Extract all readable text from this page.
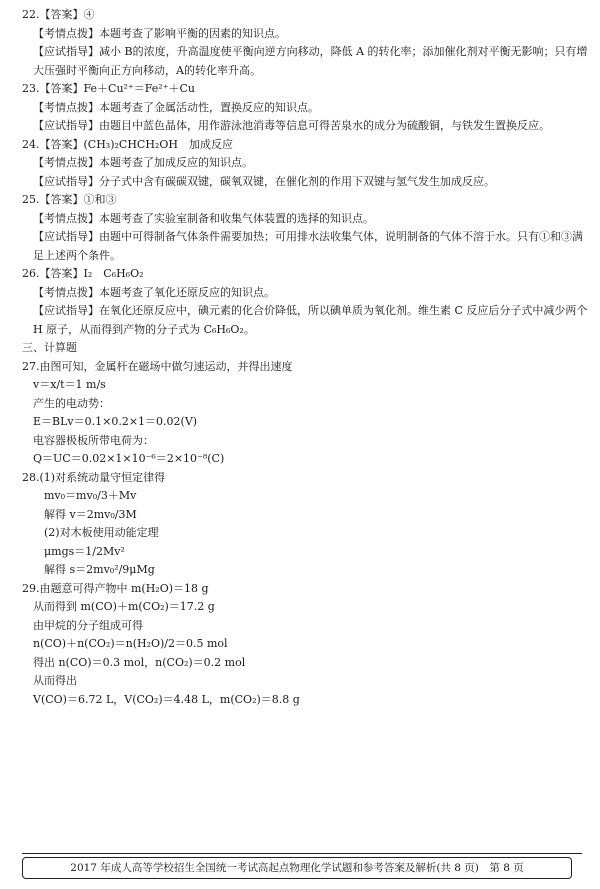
22.【答案】④
【考情点拨】本题考查了影响平衡的因素的知识点。
【应试指导】减小 B的浓度，升高温度使平衡向逆方向移动，降低 A 的转化率；添加催化剂对平衡无影响；只有增大压强时平衡向正方向移动，A的转化率升高。
23.【答案】Fe＋Cu²⁺＝Fe²⁺＋Cu
【考情点拨】本题考查了金属活动性，置换反应的知识点。
【应试指导】由题目中蓝色晶体，用作游泳池消毒等信息可得苦泉水的成分为硫酸铜，与铁发生置换反应。
24.【答案】(CH₃)₂CHCH₂OH　加成反应
【考情点拨】本题考查了加成反应的知识点。
【应试指导】分子式中含有碳碳双键，碳氧双键，在催化剂的作用下双键与氢气发生加成反应。
25.【答案】①和③
【考情点拨】本题考查了实验室制备和收集气体装置的选择的知识点。
【应试指导】由题中可得制备气体条件需要加热；可用排水法收集气体，说明制备的气体不溶于水。只有①和③满足上述两个条件。
26.【答案】I₂　C₆H₆O₂
【考情点拨】本题考查了氧化还原反应的知识点。
【应试指导】在氧化还原反应中，碘元素的化合价降低，所以碘单质为氧化剂。维生素 C 反应后分子式中减少两个 H 原子，从而得到产物的分子式为 C₆H₆O₂。
三、计算题
27.由图可知，金属杆在磁场中做匀速运动，并得出速度
v＝x/t＝1 m/s
产生的电动势：
E＝BLv＝0.1×0.2×1＝0.02(V)
电容器极板所带电荷为：
Q＝UC＝0.02×1×10⁻⁶＝2×10⁻⁸(C)
28.(1)对系统动量守恒定律得
mv₀＝mv₀/3＋Mv
解得 v＝2mv₀/3M
(2)对木板使用动能定理
μmgs＝1/2Mv²
解得 s＝2mv₀²/9μMg
29.由题意可得产物中 m(H₂O)＝18 g
从而得到 m(CO)＋m(CO₂)＝17.2 g
由甲烷的分子组成可得
n(CO)＋n(CO₂)＝n(H₂O)/2＝0.5 mol
得出 n(CO)＝0.3 mol，n(CO₂)＝0.2 mol
从而得出
V(CO)＝6.72 L，V(CO₂)＝4.48 L，m(CO₂)＝8.8 g
2017 年成人高等学校招生全国统一考试高起点物理化学试题和参考答案及解析(共 8 页)　第 8 页
